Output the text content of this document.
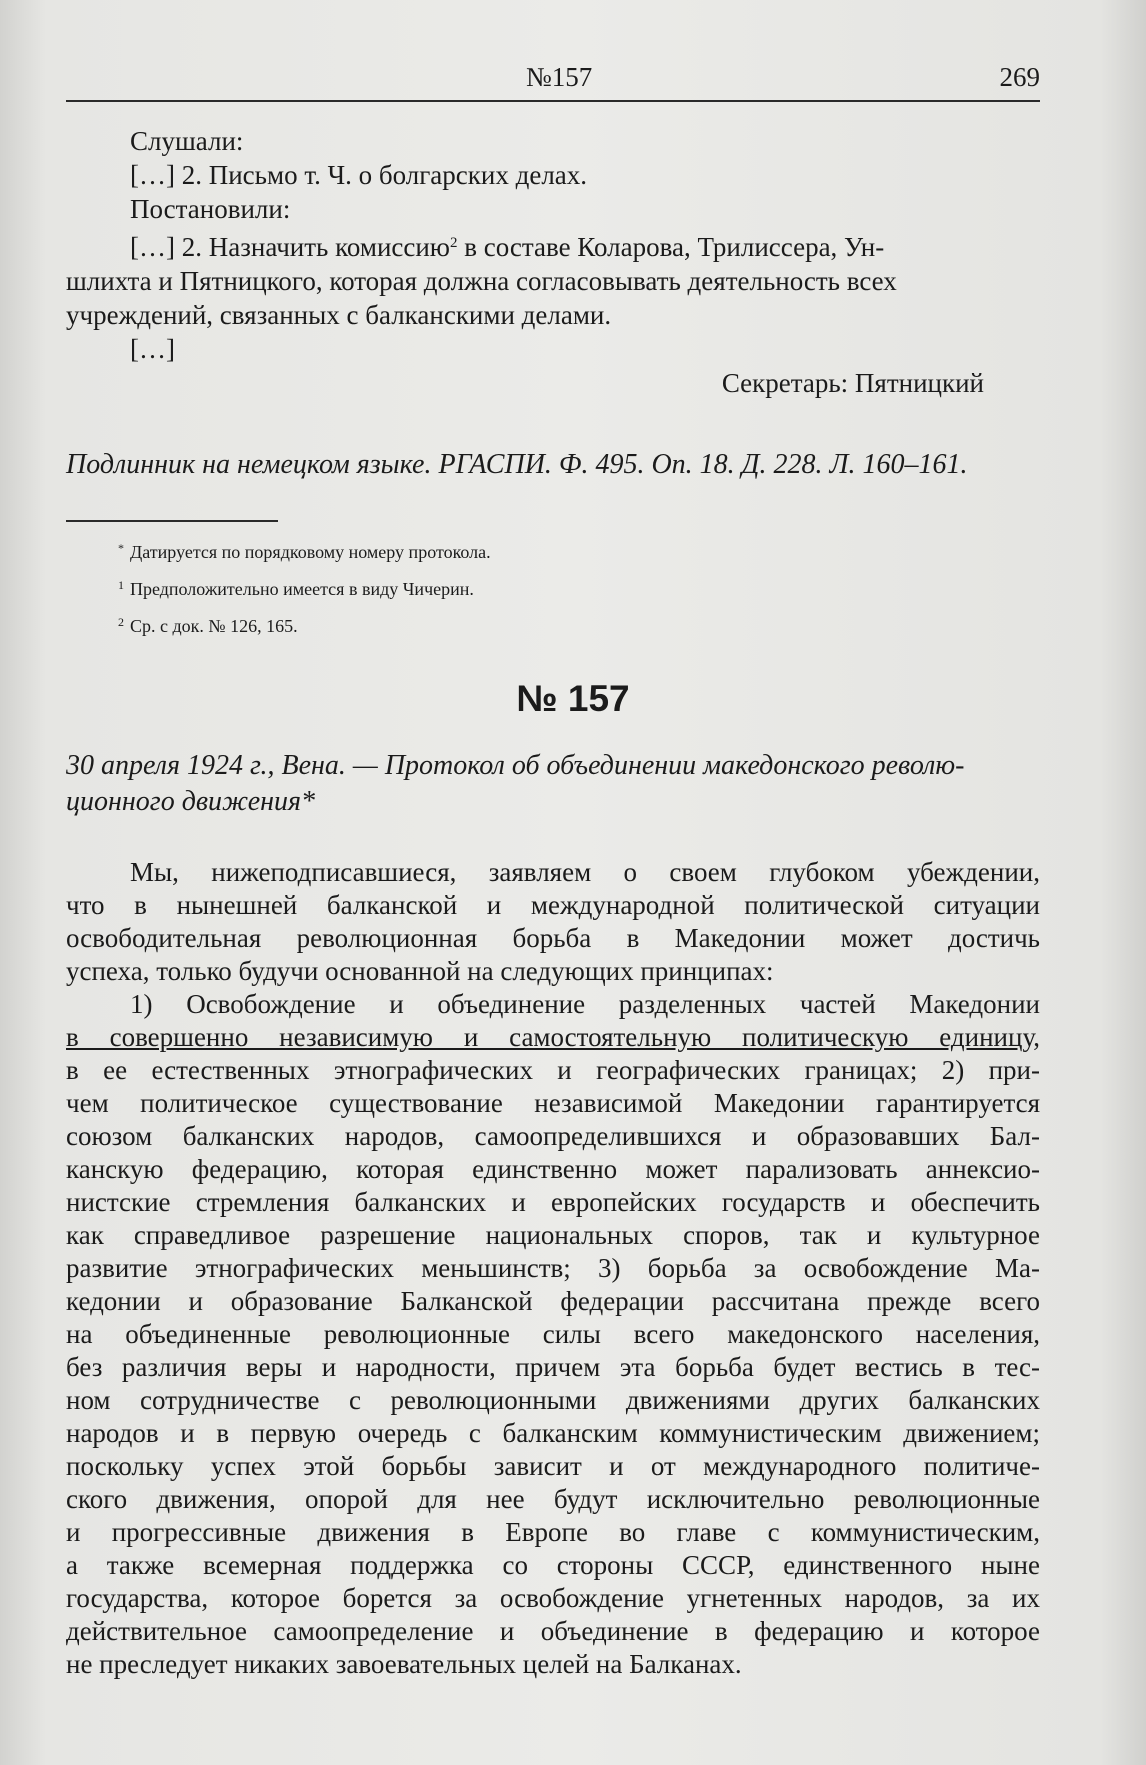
№157	269
Слушали:
[…] 2. Письмо т. Ч. о болгарских делах.
Постановили:
[…] 2. Назначить комиссию$^2$ в составе Коларова, Трилиссера, Ун-
шлихта и Пятницкого, которая должна согласовывать деятельность всех
учреждений, связанных с балканскими делами.
[…]
Секретарь: Пятницкий
Подлинник на немецком языке. РГАСПИ. Ф. 495. Оп. 18. Д. 228. Л. 160–161.
* Датируется по порядковому номеру протокола.
$^1$ Предположительно имеется в виду Чичерин.
$^2$ Ср. с док. № 126, 165.
№ 157
30 апреля 1924 г., Вена. — Протокол об объединении македонского револю-
ционного движения*
Мы, нижеподписавшиеся, заявляем о своем глубоком убеждении,
что в нынешней балканской и международной политической ситуации
освободительная революционная борьба в Македонии может достичь
успеха, только будучи основанной на следующих принципах:
1) Освобождение и объединение разделенных частей Македонии
в совершенно независимую и самостоятельную политическую единицу,
в ее естественных этнографических и географических границах; 2) при-
чем политическое существование независимой Македонии гарантируется
союзом балканских народов, самоопределившихся и образовавших Бал-
канскую федерацию, которая единственно может парализовать аннексио-
нистские стремления балканских и европейских государств и обеспечить
как справедливое разрешение национальных споров, так и культурное
развитие этнографических меньшинств; 3) борьба за освобождение Ма-
кедонии и образование Балканской федерации рассчитана прежде всего
на объединенные революционные силы всего македонского населения,
без различия веры и народности, причем эта борьба будет вестись в тес-
ном сотрудничестве с революционными движениями других балканских
народов и в первую очередь с балканским коммунистическим движением;
поскольку успех этой борьбы зависит и от международного политиче-
ского движения, опорой для нее будут исключительно революционные
и прогрессивные движения в Европе во главе с коммунистическим,
а также всемерная поддержка со стороны СССР, единственного ныне
государства, которое борется за освобождение угнетенных народов, за их
действительное самоопределение и объединение в федерацию и которое
не преследует никаких завоевательных целей на Балканах.
